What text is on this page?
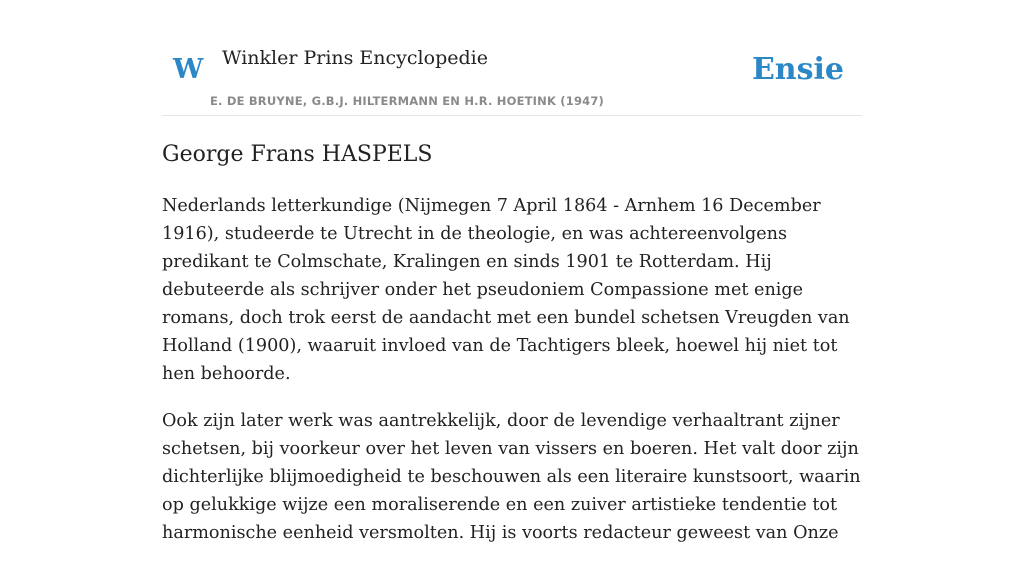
W Winkler Prins Encyclopedie
E. DE BRUYNE, G.B.J. HILTERMANN EN H.R. HOETINK (1947)
Ensie
George Frans HASPELS

Nederlands letterkundige (Nijmegen 7 April 1864 - Arnhem 16 December 1916), studeerde te Utrecht in de theologie, en was achtereenvolgens predikant te Colmschate, Kralingen en sinds 1901 te Rotterdam. Hij debuteerde als schrijver onder het pseudoniem Compassione met enige romans, doch trok eerst de aandacht met een bundel schetsen Vreugden van Holland (1900), waaruit invloed van de Tachtigers bleek, hoewel hij niet tot hen behoorde.

Ook zijn later werk was aantrekkelijk, door de levendige verhaaltrant zijner schetsen, bij voorkeur over het leven van vissers en boeren. Het valt door zijn dichterlijke blijmoedigheid te beschouwen als een literaire kunstsoort, waarin op gelukkige wijze een moraliserende en een zuiver artistieke tendentie tot harmonische eenheid versmolten. Hij is voorts redacteur geweest van Onze
